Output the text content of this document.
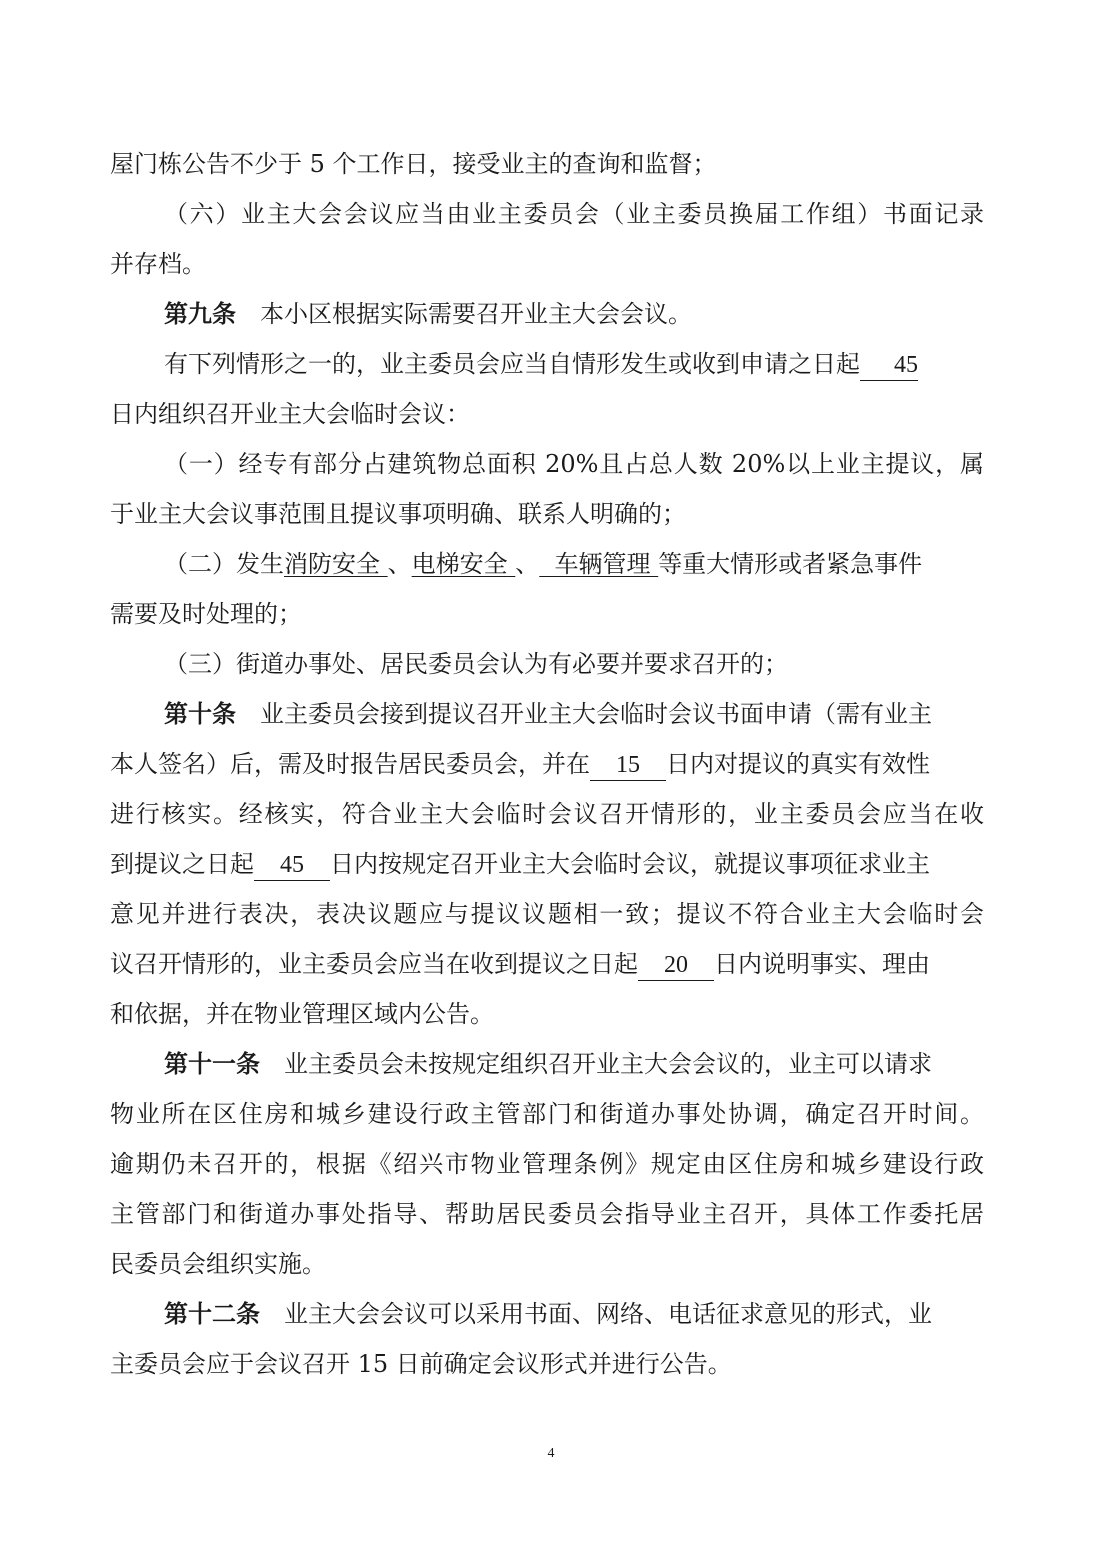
屋门栋公告不少于 5 个工作日，接受业主的查询和监督；
（六）业主大会会议应当由业主委员会（业主委员换届工作组）书面记录
并存档。
第九条 本小区根据实际需要召开业主大会会议。
有下列情形之一的，业主委员会应当自情形发生或收到申请之日起 45
日内组织召开业主大会临时会议：
（一）经专有部分占建筑物总面积 20%且占总人数 20%以上业主提议，属
于业主大会议事范围且提议事项明确、联系人明确的；
（二）发生消防安全 、电梯安全 、 车辆管理 等重大情形或者紧急事件
需要及时处理的；
（三）街道办事处、居民委员会认为有必要并要求召开的；
第十条 业主委员会接到提议召开业主大会临时会议书面申请（需有业主
本人签名）后，需及时报告居民委员会，并在 15 日内对提议的真实有效性
进行核实。经核实，符合业主大会临时会议召开情形的，业主委员会应当在收
到提议之日起 45 日内按规定召开业主大会临时会议，就提议事项征求业主
意见并进行表决，表决议题应与提议议题相一致；提议不符合业主大会临时会
议召开情形的，业主委员会应当在收到提议之日起 20 日内说明事实、理由
和依据，并在物业管理区域内公告。
第十一条 业主委员会未按规定组织召开业主大会会议的，业主可以请求
物业所在区住房和城乡建设行政主管部门和街道办事处协调，确定召开时间。
逾期仍未召开的，根据《绍兴市物业管理条例》规定由区住房和城乡建设行政
主管部门和街道办事处指导、帮助居民委员会指导业主召开，具体工作委托居
民委员会组织实施。
第十二条 业主大会会议可以采用书面、网络、电话征求意见的形式，业
主委员会应于会议召开 15 日前确定会议形式并进行公告。
4
